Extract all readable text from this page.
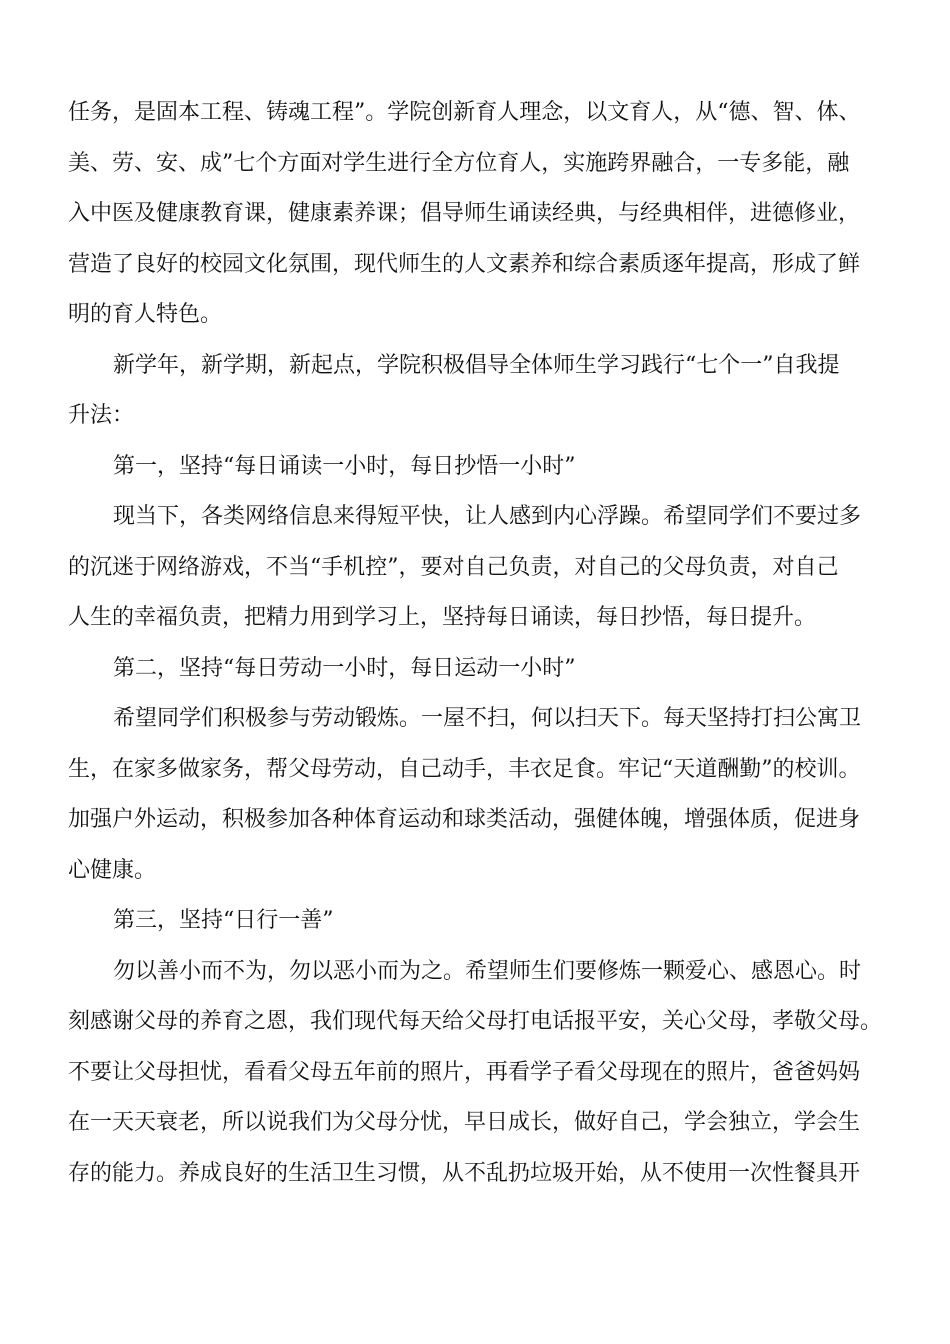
任务，是固本工程、铸魂工程”。学院创新育人理念，以文育人，从“德、智、体、
美、劳、安、成”七个方面对学生进行全方位育人，实施跨界融合，一专多能，融
入中医及健康教育课，健康素养课；倡导师生诵读经典，与经典相伴，进德修业，
营造了良好的校园文化氛围，现代师生的人文素养和综合素质逐年提高，形成了鲜
明的育人特色。
新学年，新学期，新起点，学院积极倡导全体师生学习践行“七个一”自我提
升法：
第一，坚持“每日诵读一小时，每日抄悟一小时”
现当下，各类网络信息来得短平快，让人感到内心浮躁。希望同学们不要过多
的沉迷于网络游戏，不当“手机控”，要对自己负责，对自己的父母负责，对自己
人生的幸福负责，把精力用到学习上，坚持每日诵读，每日抄悟，每日提升。
第二，坚持“每日劳动一小时，每日运动一小时”
希望同学们积极参与劳动锻炼。一屋不扫，何以扫天下。每天坚持打扫公寓卫
生，在家多做家务，帮父母劳动，自己动手，丰衣足食。牢记“天道酬勤”的校训。
加强户外运动，积极参加各种体育运动和球类活动，强健体魄，增强体质，促进身
心健康。
第三，坚持“日行一善”
勿以善小而不为，勿以恶小而为之。希望师生们要修炼一颗爱心、感恩心。时
刻感谢父母的养育之恩，我们现代每天给父母打电话报平安，关心父母，孝敬父母。
不要让父母担忧，看看父母五年前的照片，再看学子看父母现在的照片，爸爸妈妈
在一天天衰老，所以说我们为父母分忧，早日成长，做好自己，学会独立，学会生
存的能力。养成良好的生活卫生习惯，从不乱扔垃圾开始，从不使用一次性餐具开
